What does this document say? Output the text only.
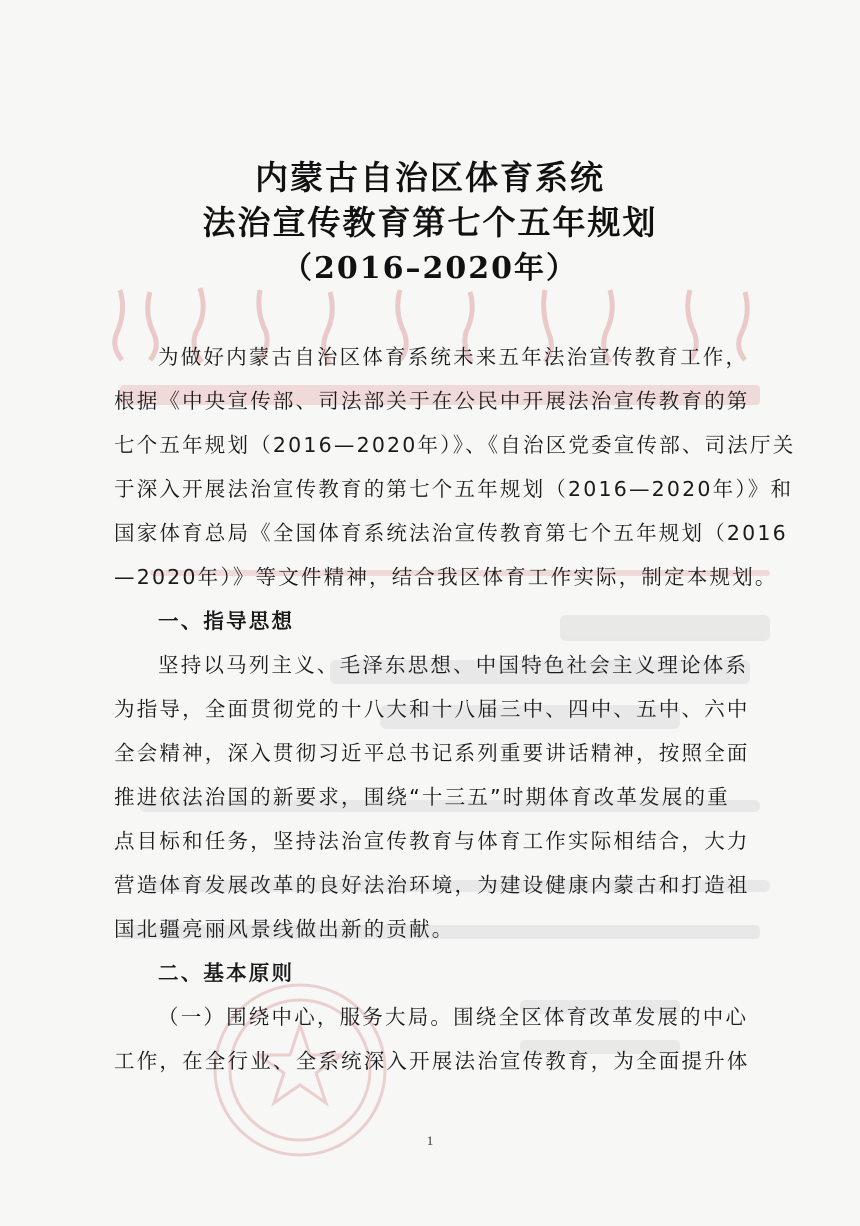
内蒙古自治区体育系统
法治宣传教育第七个五年规划
（2016–2020年）
为做好内蒙古自治区体育系统未来五年法治宣传教育工作，
根据《中央宣传部、司法部关于在公民中开展法治宣传教育的第
七个五年规划（2016—2020年）》、《自治区党委宣传部、司法厅关
于深入开展法治宣传教育的第七个五年规划（2016—2020年）》和
国家体育总局《全国体育系统法治宣传教育第七个五年规划（2016
—2020年）》等文件精神，结合我区体育工作实际，制定本规划。
一、指导思想
坚持以马列主义、毛泽东思想、中国特色社会主义理论体系
为指导，全面贯彻党的十八大和十八届三中、四中、五中、六中
全会精神，深入贯彻习近平总书记系列重要讲话精神，按照全面
推进依法治国的新要求，围绕“十三五”时期体育改革发展的重
点目标和任务，坚持法治宣传教育与体育工作实际相结合，大力
营造体育发展改革的良好法治环境，为建设健康内蒙古和打造祖
国北疆亮丽风景线做出新的贡献。
二、基本原则
（一）围绕中心，服务大局。围绕全区体育改革发展的中心
工作，在全行业、全系统深入开展法治宣传教育，为全面提升体
1
